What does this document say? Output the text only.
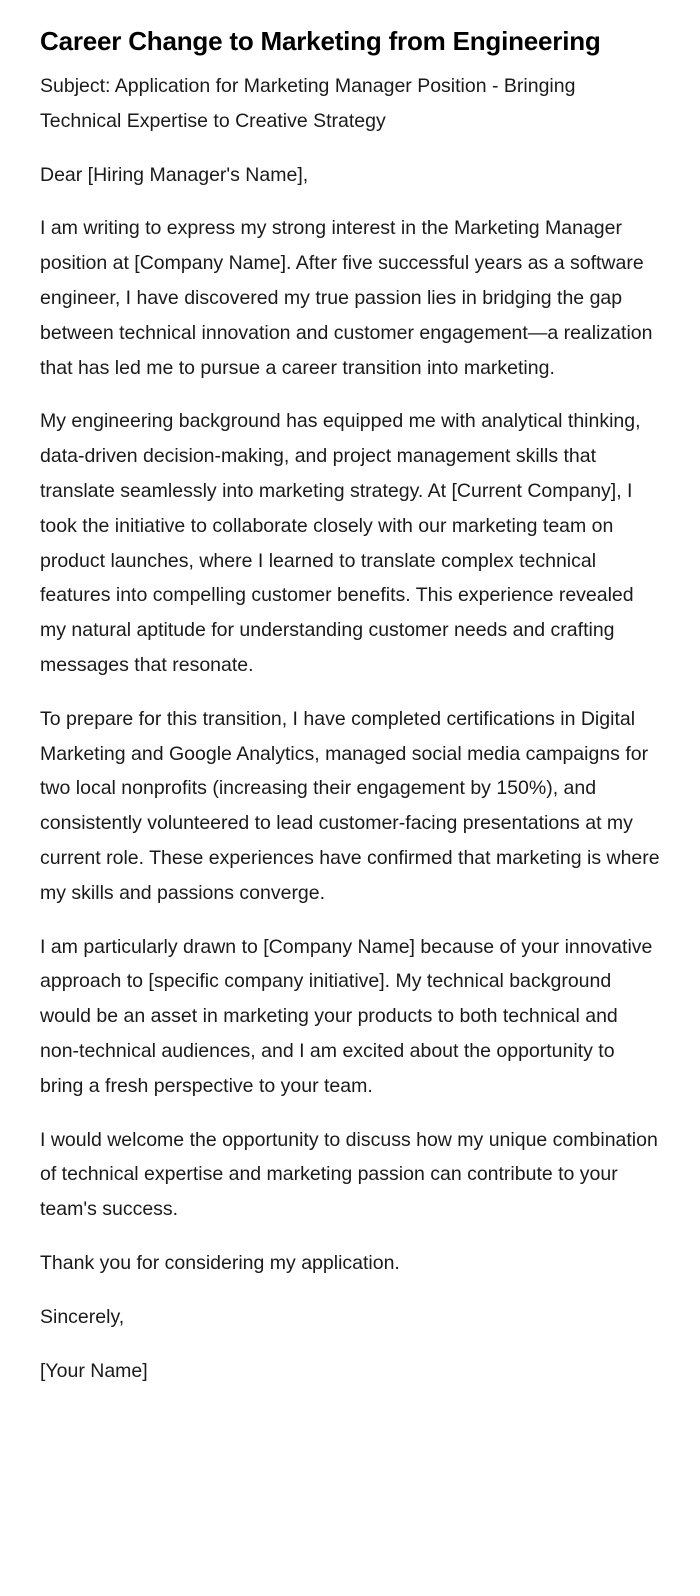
Career Change to Marketing from Engineering

Subject: Application for Marketing Manager Position - Bringing Technical Expertise to Creative Strategy

Dear [Hiring Manager's Name],

I am writing to express my strong interest in the Marketing Manager position at [Company Name]. After five successful years as a software engineer, I have discovered my true passion lies in bridging the gap between technical innovation and customer engagement—a realization that has led me to pursue a career transition into marketing.

My engineering background has equipped me with analytical thinking, data-driven decision-making, and project management skills that translate seamlessly into marketing strategy. At [Current Company], I took the initiative to collaborate closely with our marketing team on product launches, where I learned to translate complex technical features into compelling customer benefits. This experience revealed my natural aptitude for understanding customer needs and crafting messages that resonate.

To prepare for this transition, I have completed certifications in Digital Marketing and Google Analytics, managed social media campaigns for two local nonprofits (increasing their engagement by 150%), and consistently volunteered to lead customer-facing presentations at my current role. These experiences have confirmed that marketing is where my skills and passions converge.

I am particularly drawn to [Company Name] because of your innovative approach to [specific company initiative]. My technical background would be an asset in marketing your products to both technical and non-technical audiences, and I am excited about the opportunity to bring a fresh perspective to your team.

I would welcome the opportunity to discuss how my unique combination of technical expertise and marketing passion can contribute to your team's success.

Thank you for considering my application.

Sincerely,

[Your Name]
